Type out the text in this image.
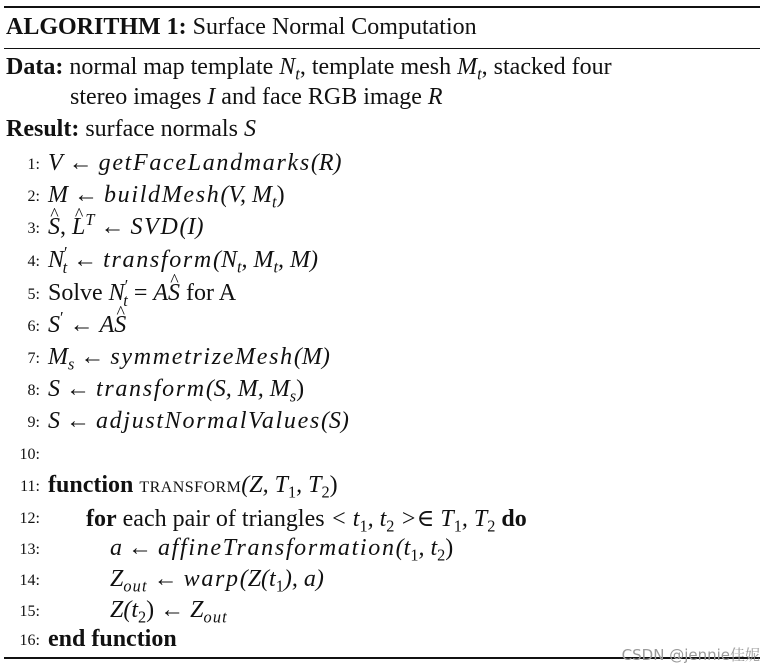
ALGORITHM 1: Surface Normal Computation
Data: normal map template $N_t$, template mesh $M_t$, stacked four
stereo images I and face RGB image R
Result: surface normals S
1: V ← getFaceLandmarks(R)
2: M ← buildMesh(V, $M_t$)
3: S ^, L ^$^T$ ← SVD(I)
4: $N'_t$ ← $transform(N_t$, $M_t$, M)
5: Solve $N'_t$ = AS ^ for A
6: S′ ← AS ^
7: $M_s$ ← symmetrizeMesh(M)
8: S ← transform(S, M, $M_s$)
9: S ← adjustNormalValues(S)
10:
11: function transform(Z, $T_1$, $T_2$)
12: for each pair of triangles < $t_1$, $t_2$ >∈ $T_1$, $T_2$ do
13:	a ← $affineTransformation(t_1$, $t_2$)
14:	$Z_{out}$ ← $warp(Z(t_1)$, a)
15:	$Z(t_2)$ ← $Z_{out}$
16: end function
CSDN @jennie佳妮
